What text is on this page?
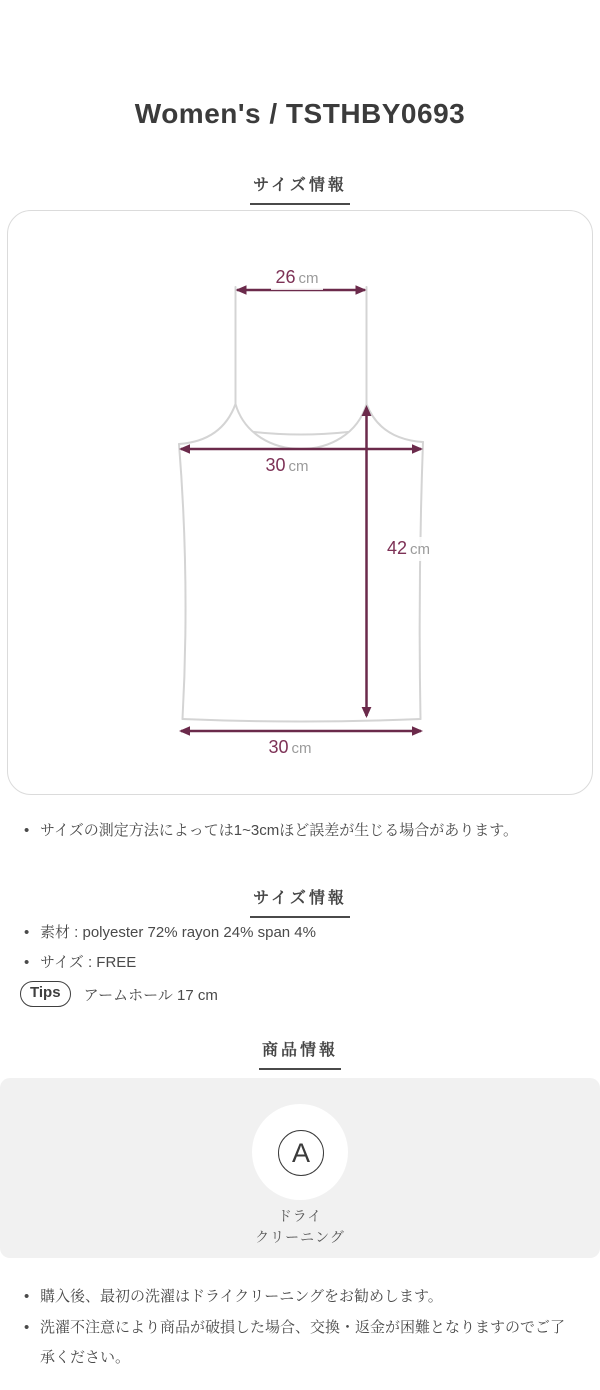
Women's / TSTHBY0693
サイズ情報
26 cm
30 cm
42 cm
30 cm
• サイズの測定方法によっては1~3cmほど誤差が生じる場合があります。
サイズ情報
• 素材 : polyester 72% rayon 24% span 4%
• サイズ : FREE
Tips	アームホール 17 cm
商品情報
A
ドライ
クリーニング
• 購入後、最初の洗濯はドライクリーニングをお勧めします。
• 洗濯不注意により商品が破損した場合、交換・返金が困難となりますのでご了承ください。
